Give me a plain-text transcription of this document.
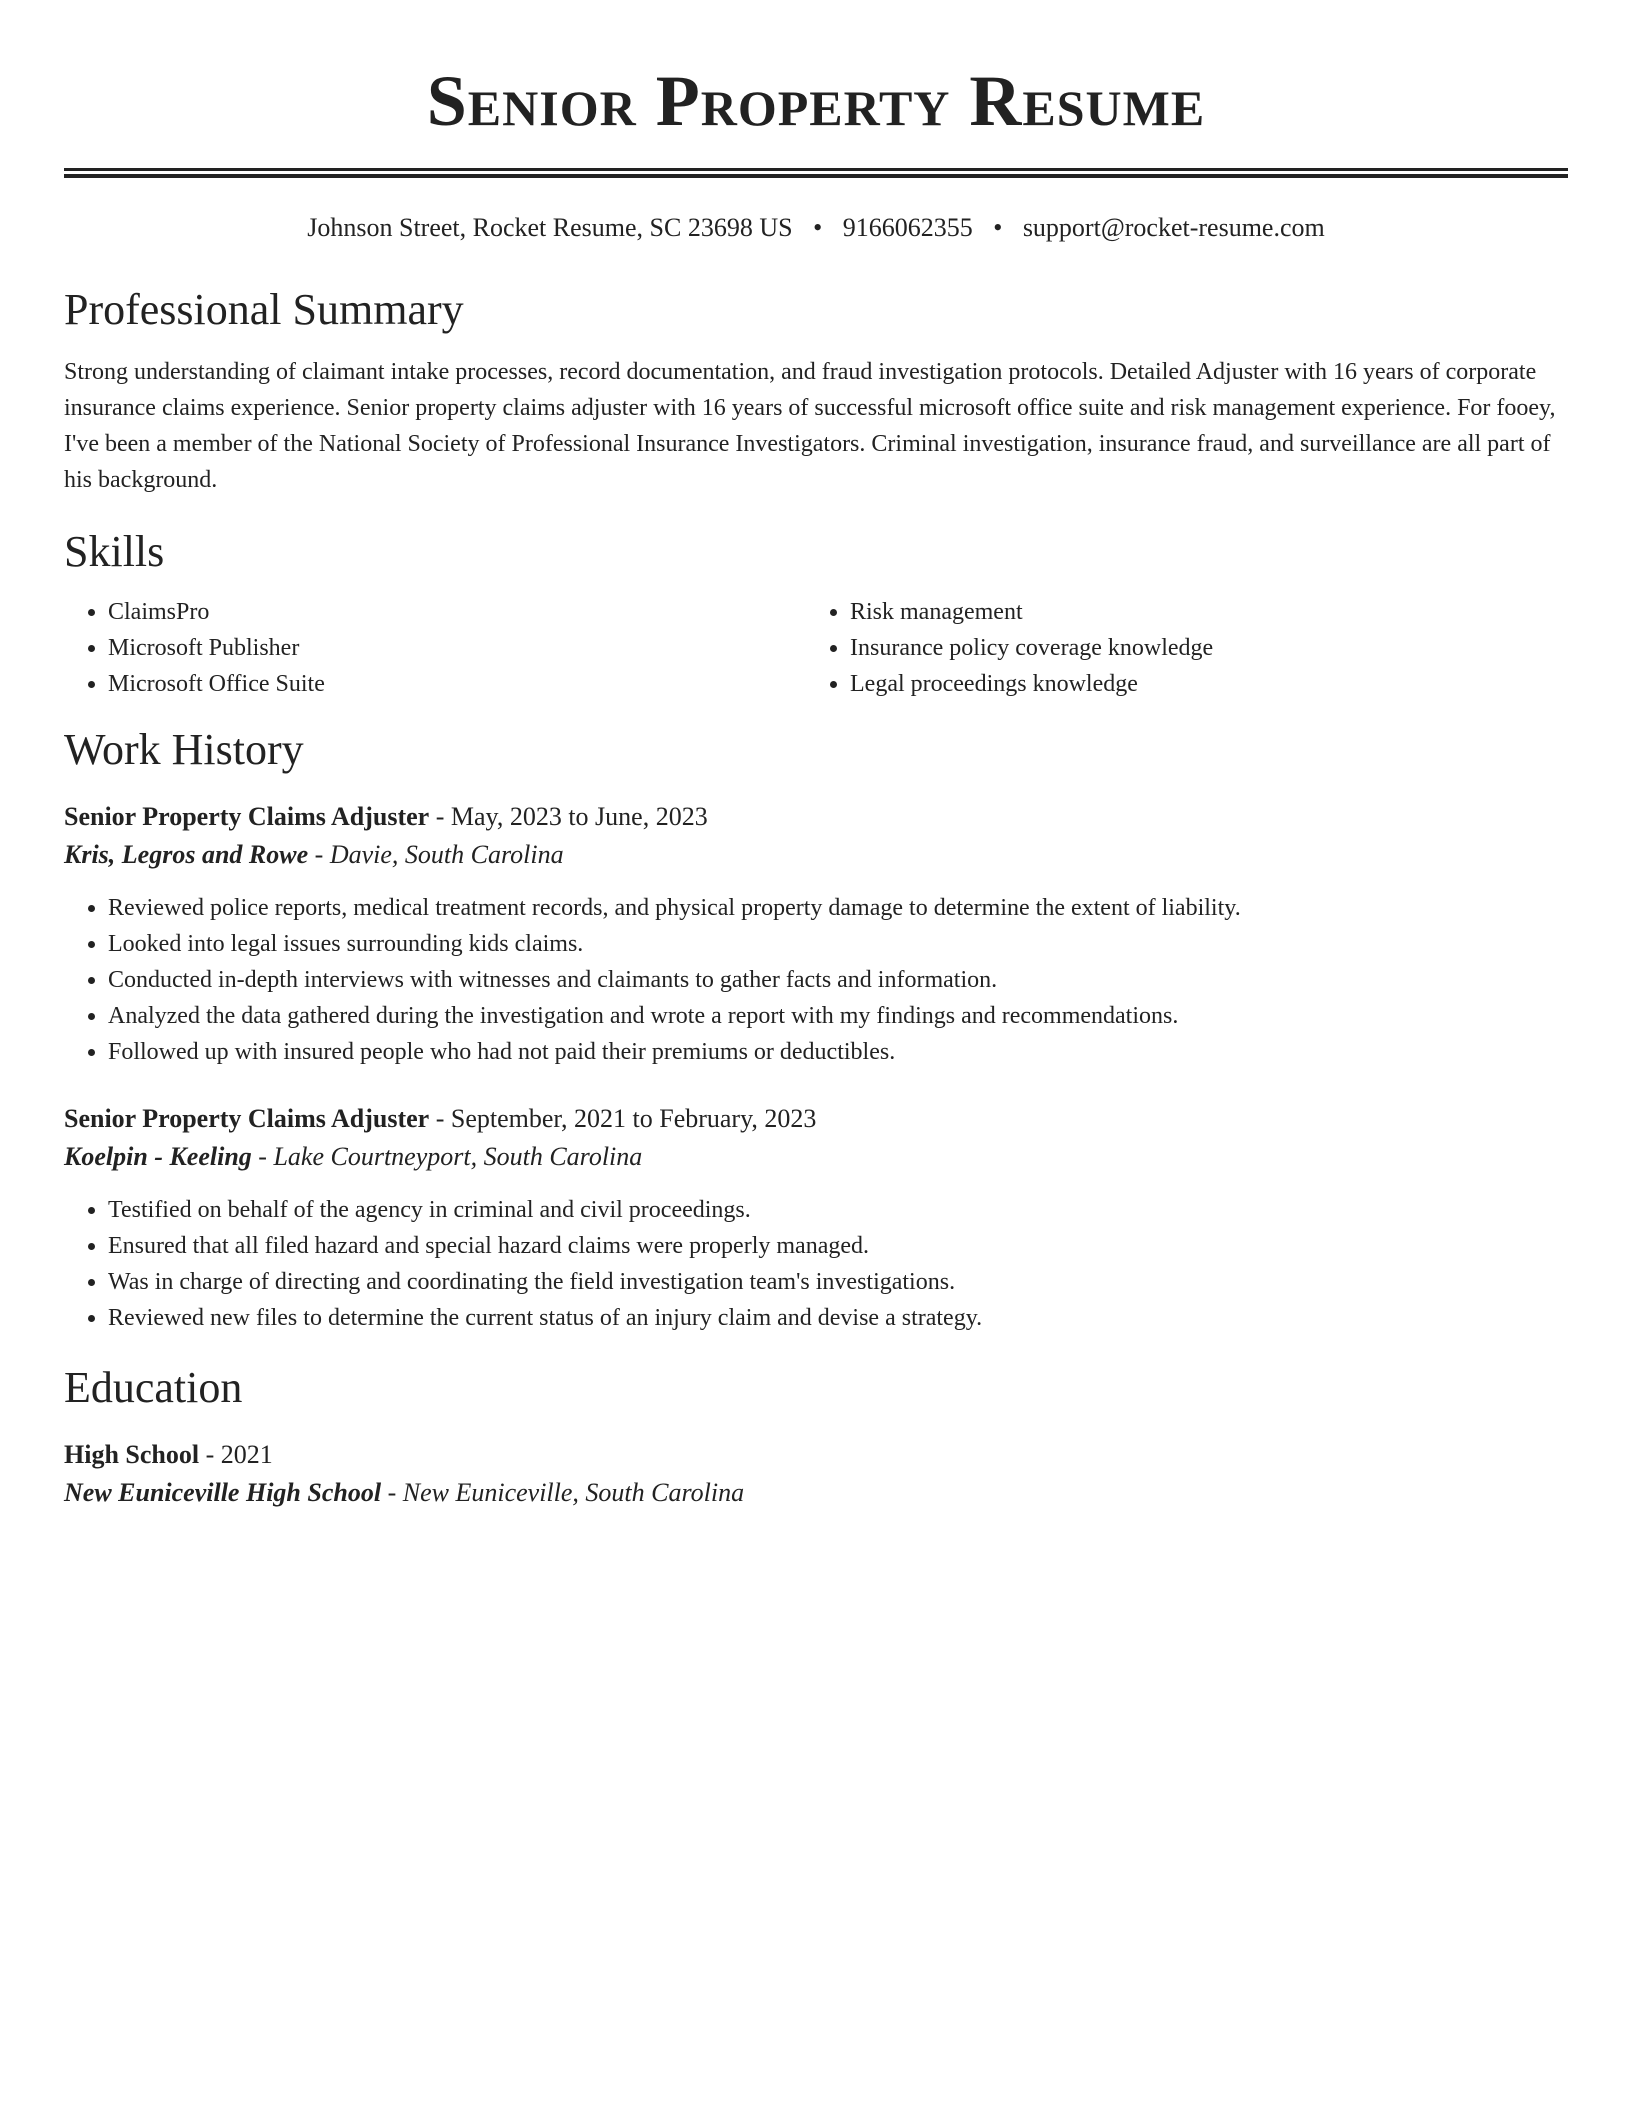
Senior Property Resume
Johnson Street, Rocket Resume, SC 23698 US • 9166062355 • support@rocket-resume.com
Professional Summary

Strong understanding of claimant intake processes, record documentation, and fraud investigation protocols. Detailed Adjuster with 16 years of corporate insurance claims experience. Senior property claims adjuster with 16 years of successful microsoft office suite and risk management experience. For fooey, I've been a member of the National Society of Professional Insurance Investigators. Criminal investigation, insurance fraud, and surveillance are all part of his background.

Skills
• ClaimsPro
• Microsoft Publisher
• Microsoft Office Suite
• Risk management
• Insurance policy coverage knowledge
• Legal proceedings knowledge
Work History
Senior Property Claims Adjuster - May, 2023 to June, 2023
Kris, Legros and Rowe - Davie, South Carolina
• Reviewed police reports, medical treatment records, and physical property damage to determine the extent of liability.
• Looked into legal issues surrounding kids claims.
• Conducted in-depth interviews with witnesses and claimants to gather facts and information.
• Analyzed the data gathered during the investigation and wrote a report with my findings and recommendations.
• Followed up with insured people who had not paid their premiums or deductibles.
Senior Property Claims Adjuster - September, 2021 to February, 2023
Koelpin - Keeling - Lake Courtneyport, South Carolina
• Testified on behalf of the agency in criminal and civil proceedings.
• Ensured that all filed hazard and special hazard claims were properly managed.
• Was in charge of directing and coordinating the field investigation team's investigations.
• Reviewed new files to determine the current status of an injury claim and devise a strategy.
Education
High School - 2021
New Euniceville High School - New Euniceville, South Carolina
